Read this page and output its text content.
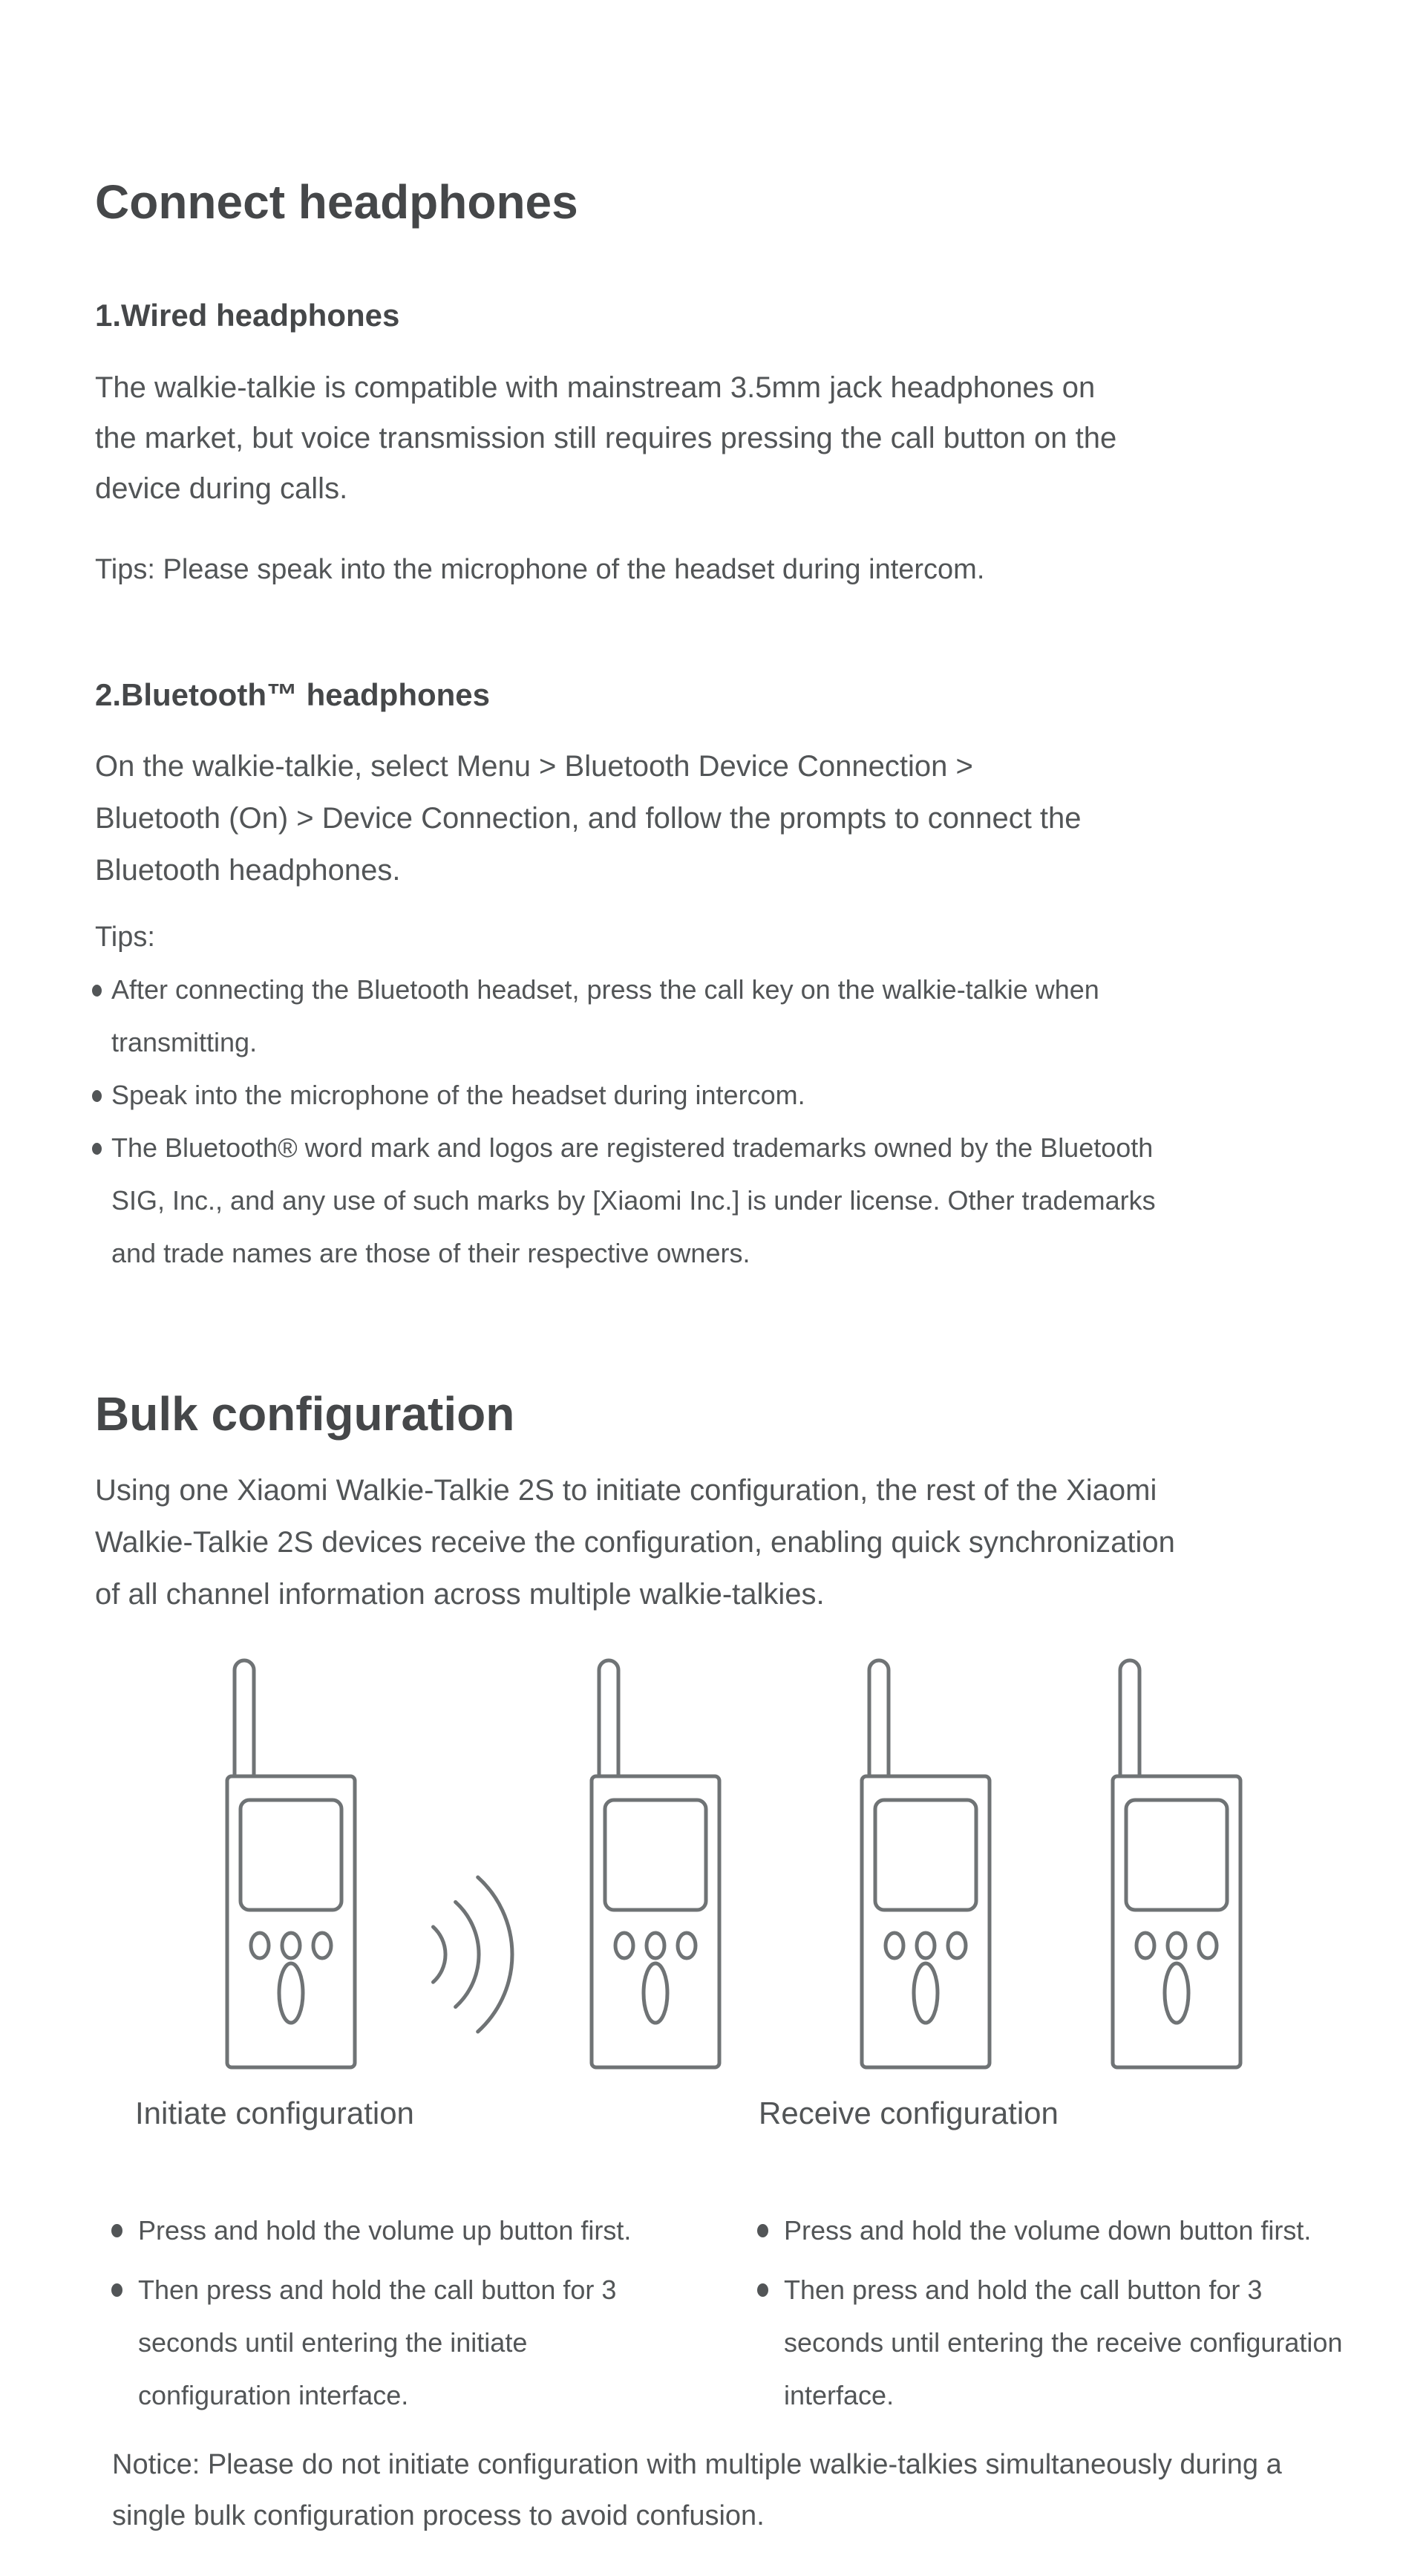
Connect headphones
1.Wired headphones
The walkie-talkie is compatible with mainstream 3.5mm jack headphones on
the market, but voice transmission still requires pressing the call button on the
device during calls.
Tips: Please speak into the microphone of the headset during intercom.
2.Bluetooth™ headphones
On the walkie-talkie, select Menu > Bluetooth Device Connection >
Bluetooth (On) > Device Connection, and follow the prompts to connect the
Bluetooth headphones.
Tips:
After connecting the Bluetooth headset, press the call key on the walkie-talkie when
transmitting.
Speak into the microphone of the headset during intercom.
The Bluetooth® word mark and logos are registered trademarks owned by the Bluetooth
SIG, Inc., and any use of such marks by [Xiaomi Inc.] is under license. Other trademarks
and trade names are those of their respective owners.
Bulk configuration
Using one Xiaomi Walkie-Talkie 2S to initiate configuration, the rest of the Xiaomi
Walkie-Talkie 2S devices receive the configuration, enabling quick synchronization
of all channel information across multiple walkie-talkies.
Initiate configuration	Receive configuration
Press and hold the volume up button first.
Then press and hold the call button for 3
seconds until entering the initiate
configuration interface.
Press and hold the volume down button first.
Then press and hold the call button for 3
seconds until entering the receive configuration
interface.
Notice: Please do not initiate configuration with multiple walkie-talkies simultaneously during a
single bulk configuration process to avoid confusion.
